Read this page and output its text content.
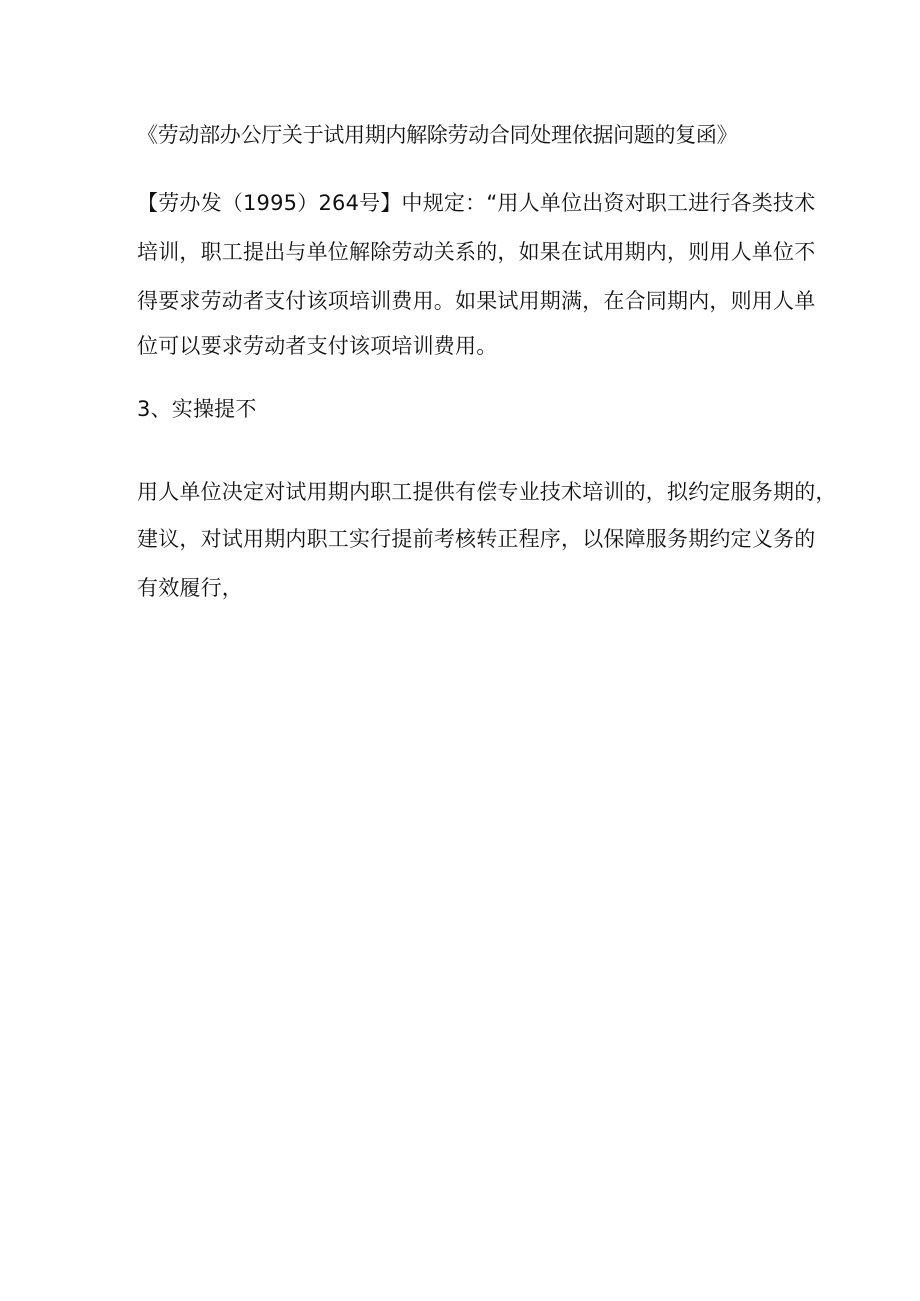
《劳动部办公厅关于试用期内解除劳动合同处理依据问题的复函》
【劳办发（1995）264号】中规定：“用人单位出资对职工进行各类技术
培训，职工提出与单位解除劳动关系的，如果在试用期内，则用人单位不
得要求劳动者支付该项培训费用。如果试用期满，在合同期内，则用人单
位可以要求劳动者支付该项培训费用。
3、实操提不
用人单位决定对试用期内职工提供有偿专业技术培训的，拟约定服务期的，
建议，对试用期内职工实行提前考核转正程序，以保障服务期约定义务的
有效履行，
